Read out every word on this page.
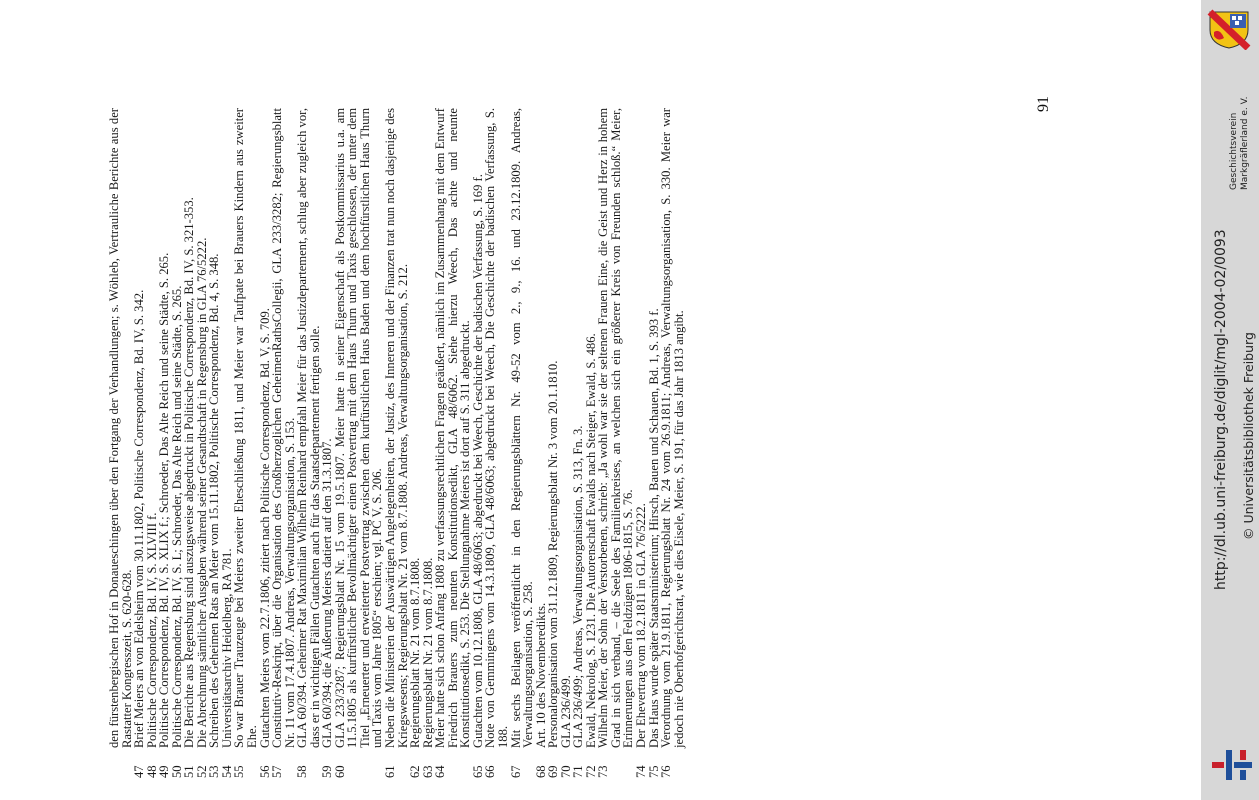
den fürstenbergischen Hof in Donaueschingen über den Fortgang der Verhandlungen; s. Wöhleb, Vertrauliche Berichte aus der Rastatter Kongresszeit, S. 620-628.
47
Brief Meiers an von Edelsheim vom 30.11.1802, Politische Correspondenz, Bd. IV, S. 342.
48
Politische Correspondenz, Bd. IV, S. XLVIII f.
49
Politische Correspondenz, Bd. IV, S. XLIX f.; Schroeder, Das Alte Reich und seine Städte, S. 265.
50
Politische Correspondenz, Bd. IV, S. L; Schroeder, Das Alte Reich und seine Städte, S. 265.
51
Die Berichte aus Regensburg sind auszugsweise abgedruckt in Politische Correspondenz, Bd. IV, S. 321-353.
52
Die Abrechnung sämtlicher Ausgaben während seiner Gesandtschaft in Regensburg in GLA 76/5222.
53
Schreiben des Geheimen Rats an Meier vom 15.11.1802, Politische Correspondenz, Bd. 4, S. 348.
54
Universitätsarchiv Heidelberg, RA 781.
55
So war Brauer Trauzeuge bei Meiers zweiter Eheschließung 1811, und Meier war Taufpate bei Brauers Kindern aus zweiter Ehe.
56
Gutachten Meiers vom 22.7.1806, zitiert nach Politische Correspondenz, Bd. V, S. 709.
57
Constitutiv-Reskript, über die Organisation des Großherzoglichen GeheimenRathsCollegii, GLA 233/3282; Regierungsblatt Nr. 11 vom 17.4.1807. Andreas, Verwaltungsorganisation, S. 153.
58
GLA 60/394. Geheimer Rat Maximilian Wilhelm Reinhard empfahl Meier für das Justizdepartement, schlug aber zugleich vor, dass er in wichtigen Fällen Gutachten auch für das Staatsdepartement fertigen solle.
59
GLA 60/394; die Äußerung Meiers datiert auf den 31.3.1807.
60
GLA 233/3287; Regierungsblatt Nr. 15 vom 19.5.1807. Meier hatte in seiner Eigenschaft als Postkommissarius u.a. am 11.5.1805 als kurfürstlicher Bevollmächtigter einen Postvertrag mit dem Haus Thurn und Taxis geschlossen, der unter dem Titel „Erneuerter und erweiterter Postvertrag zwischen dem kurfürstlichen Haus Baden und dem hochfürstlichen Haus Thurn und Taxis vom Jahre 1805“ erschien; vgl. PC V, S. 206.
61
Neben die Ministerien der Auswärtigen Angelegenheiten, der Justiz, des Inneren und der Finanzen trat nun noch dasjenige des Kriegswesens; Regierungsblatt Nr. 21 vom 8.7.1808. Andreas, Verwaltungsorganisation, S. 212.
62
Regierungsblatt Nr. 21 vom 8.7.1808.
63
Regierungsblatt Nr. 21 vom 8.7.1808.
64
Meier hatte sich schon Anfang 1808 zu verfassungsrechtlichen Fragen geäußert, nämlich im Zusammenhang mit dem Entwurf Friedrich Brauers zum neunten Konstitutionsedikt, GLA 48/6062. Siehe hierzu Weech, Das achte und neunte Konstitutionsedikt, S. 253. Die Stellungnahme Meiers ist dort auf S. 311 abgedruckt.
65
Gutachten vom 10.12.1808, GLA 48/6063; abgedruckt bei Weech, Geschichte der badischen Verfassung, S. 169 f.
66
Note von Gemmingens vom 14.3.1809, GLA 48/6063; abgedruckt bei Weech, Die Geschichte der badischen Verfassung, S. 188.
67
Mit sechs Beilagen veröffentlicht in den Regierungsblättern Nr. 49-52 vom 2., 9., 16. und 23.12.1809. Andreas, Verwaltungsorganisation, S. 258.
68
Art. 10 des Novemberedikts.
69
Personalorganisation vom 31.12.1809, Regierungsblatt Nr. 3 vom 20.1.1810.
70
GLA 236/499.
71
GLA 236/499; Andreas, Verwaltungsorganisation, S. 313, Fn. 3.
72
Ewald, Nekrolog, S. 1231. Die Autorenschaft Ewalds nach Steiger, Ewald, S. 486.
73
Wilhelm Meier, der Sohn der Verstorbenen, schrieb: „Ja wohl war sie der seltenen Frauen Eine, die Geist und Herz in hohem Grad in sich verband, – die Seele des Familienkreises, an welchen sich ein größerer Kreis von Freunden schloß.“ Meier, Erinnerungen aus den Feldzügen 1806-1815, S. 76.
74
Der Ehevertrag vom 18.2.1811 in GLA 76/5222.
75
Das Haus wurde später Staatsministerium; Hirsch, Bauen und Schauen, Bd. 1, S. 393 f.
76
Verordnung vom 21.9.1811, Regierungsblatt Nr. 24 vom 26.9.1811; Andreas, Verwaltungsorganisation, S. 330. Meier war jedoch nie Oberhofgerichtsrat, wie dies Eisele, Meier, S. 191, für das Jahr 1813 angibt.
91
Geschichtsverein Markgräflerland e. V.
http://dl.ub.uni-freiburg.de/diglit/mgl-2004-02/0093 © Universitätsbibliothek Freiburg
